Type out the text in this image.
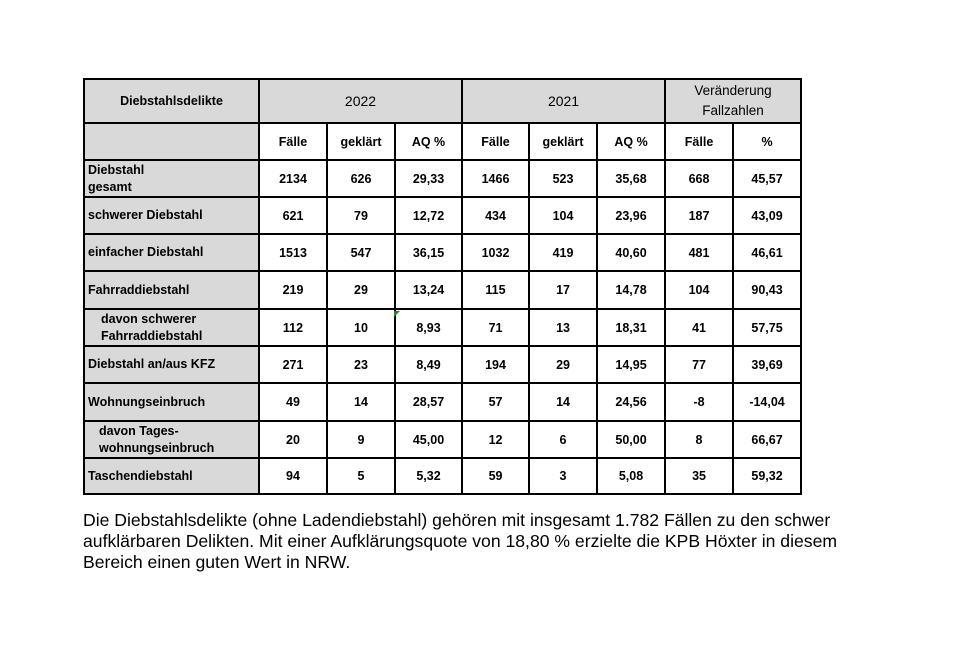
Diebstahlsdelikte	2022			2021			Veränderung
Fallzahlen	
	Fälle	geklärt	AQ %	Fälle	geklärt	AQ %	Fälle	%
Diebstahl
gesamt	2134	626	29,33	1466	523	35,68	668	45,57
schwerer Diebstahl	621	79	12,72	434	104	23,96	187	43,09
einfacher Diebstahl	1513	547	36,15	1032	419	40,60	481	46,61
Fahrraddiebstahl	219	29	13,24	115	17	14,78	104	90,43
davon schwerer
Fahrraddiebstahl	112	10	8,93	71	13	18,31	41	57,75
Diebstahl an/aus KFZ	271	23	8,49	194	29	14,95	77	39,69
Wohnungseinbruch	49	14	28,57	57	14	24,56	-8	-14,04
davon Tages-
wohnungseinbruch	20	9	45,00	12	6	50,00	8	66,67
Taschendiebstahl	94	5	5,32	59	3	5,08	35	59,32

Die Diebstahlsdelikte (ohne Ladendiebstahl) gehören mit insgesamt 1.782 Fällen zu den schwer aufklärbaren Delikten. Mit einer Aufklärungsquote von 18,80 % erzielte die KPB Höxter in diesem Bereich einen guten Wert in NRW.
